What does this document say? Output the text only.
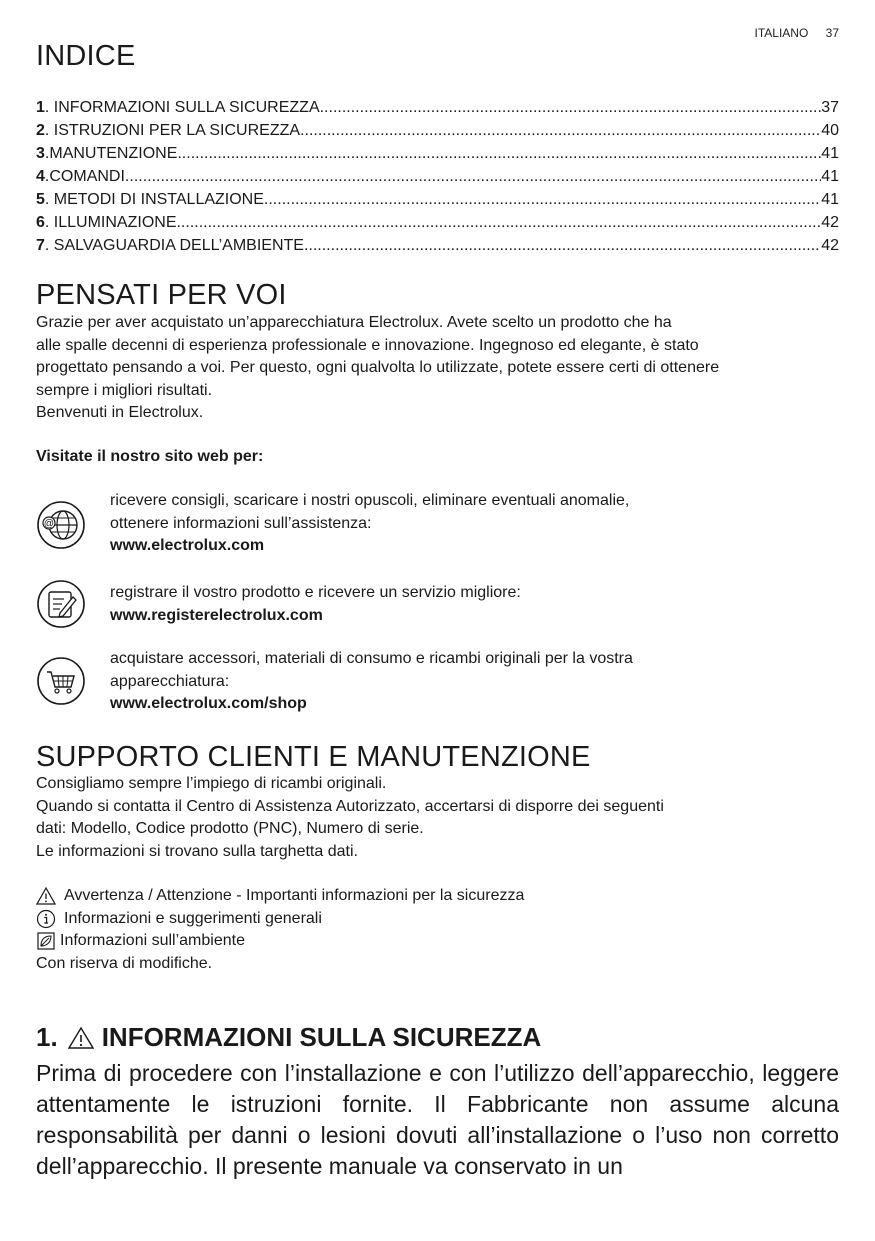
ITALIANO 37
INDICE
1 . INFORMAZIONI SULLA SICUREZZA .....	37
2 . ISTRUZIONI PER LA SICUREZZA .....	40
3 . MANUTENZIONE .....	41
4 . COMANDI .....	41
5 . METODI DI INSTALLAZIONE .....	41
6 . ILLUMINAZIONE .....	42
7 . SALVAGUARDIA DELL’AMBIENTE .....	42
PENSATI PER VOI

Grazie per aver acquistato un’apparecchiatura Electrolux. Avete scelto un prodotto che ha

alle spalle decenni di esperienza professionale e innovazione. Ingegnoso ed elegante, è stato

progettato pensando a voi. Per questo, ogni qualvolta lo utilizzate, potete essere certi di ottenere

sempre i migliori risultati.

Benvenuti in Electrolux.

Visitate il nostro sito web per:
@
ricevere consigli, scaricare i nostri opuscoli, eliminare eventuali anomalie,
ottenere informazioni sull’assistenza:
www.electrolux.com
registrare il vostro prodotto e ricevere un servizio migliore:
www.registerelectrolux.com
acquistare accessori, materiali di consumo e ricambi originali per la vostra
apparecchiatura:
www.electrolux.com/shop
SUPPORTO CLIENTI E MANUTENZIONE

Consigliamo sempre l’impiego di ricambi originali.

Quando si contatta il Centro di Assistenza Autorizzato, accertarsi di disporre dei seguenti

dati: Modello, Codice prodotto (PNC), Numero di serie.

Le informazioni si trovano sulla targhetta dati.

Avvertenza / Attenzione - Importanti informazioni per la sicurezza
Informazioni e suggerimenti generali
Informazioni sull’ambiente
Con riserva di modifiche.
1. INFORMAZIONI SULLA SICUREZZA

Prima di procedere con l’installazione e con l’utilizzo dell’apparecchio, leggere attentamente le istruzioni fornite. Il Fabbricante non assume alcuna responsabilità per danni o lesioni dovuti all’installazione o l’uso non corretto dell’apparecchio. Il presente manuale va conservato in un
